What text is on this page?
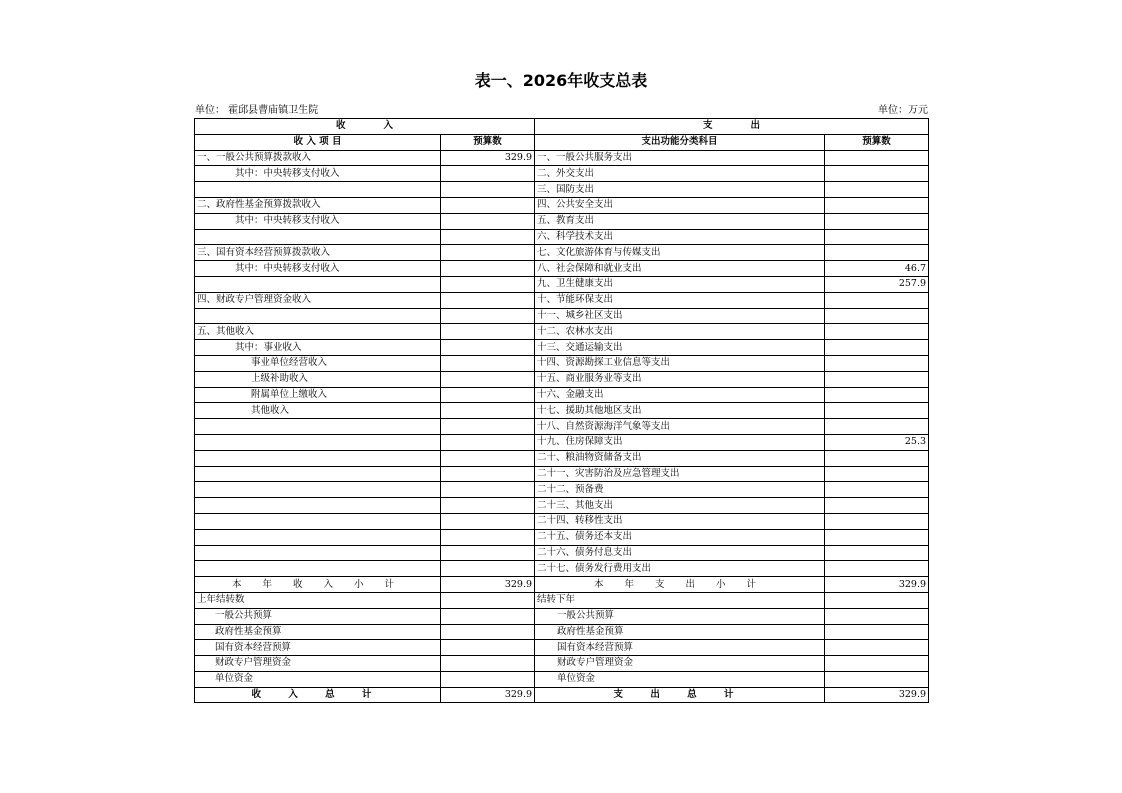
表一、2026年收支总表
单位： 霍邱县曹庙镇卫生院	单位：万元
收　　　　入		支　　　　出	
收 入 项 目	预算数	支出功能分类科目	预算数
一、一般公共预算拨款收入	329.9	一、一般公共服务支出	
其中：中央转移支付收入		二、外交支出	
		三、国防支出	
二、政府性基金预算拨款收入		四、公共安全支出	
其中：中央转移支付收入		五、教育支出	
		六、科学技术支出	
三、国有资本经营预算拨款收入		七、文化旅游体育与传媒支出	
其中：中央转移支付收入		八、社会保障和就业支出	46.7
		九、卫生健康支出	257.9
四、财政专户管理资金收入		十、节能环保支出	
		十一、城乡社区支出	
五、其他收入		十二、农林水支出	
其中：事业收入		十三、交通运输支出	
事业单位经营收入		十四、资源勘探工业信息等支出	
上级补助收入		十五、商业服务业等支出	
附属单位上缴收入		十六、金融支出	
其他收入		十七、援助其他地区支出	
		十八、自然资源海洋气象等支出	
		十九、住房保障支出	25.3
		二十、粮油物资储备支出	
		二十一、灾害防治及应急管理支出	
		二十二、预备费	
		二十三、其他支出	
		二十四、转移性支出	
		二十五、债务还本支出	
		二十六、债务付息支出	
		二十七、债务发行费用支出	
本 年 收 入 小 计	329.9	本 年 支 出 小 计	329.9
上年结转数		结转下年	
一般公共预算		一般公共预算	
政府性基金预算		政府性基金预算	
国有资本经营预算		国有资本经营预算	
财政专户管理资金		财政专户管理资金	
单位资金		单位资金	
收 入 总 计	329.9	支 出 总 计	329.9
